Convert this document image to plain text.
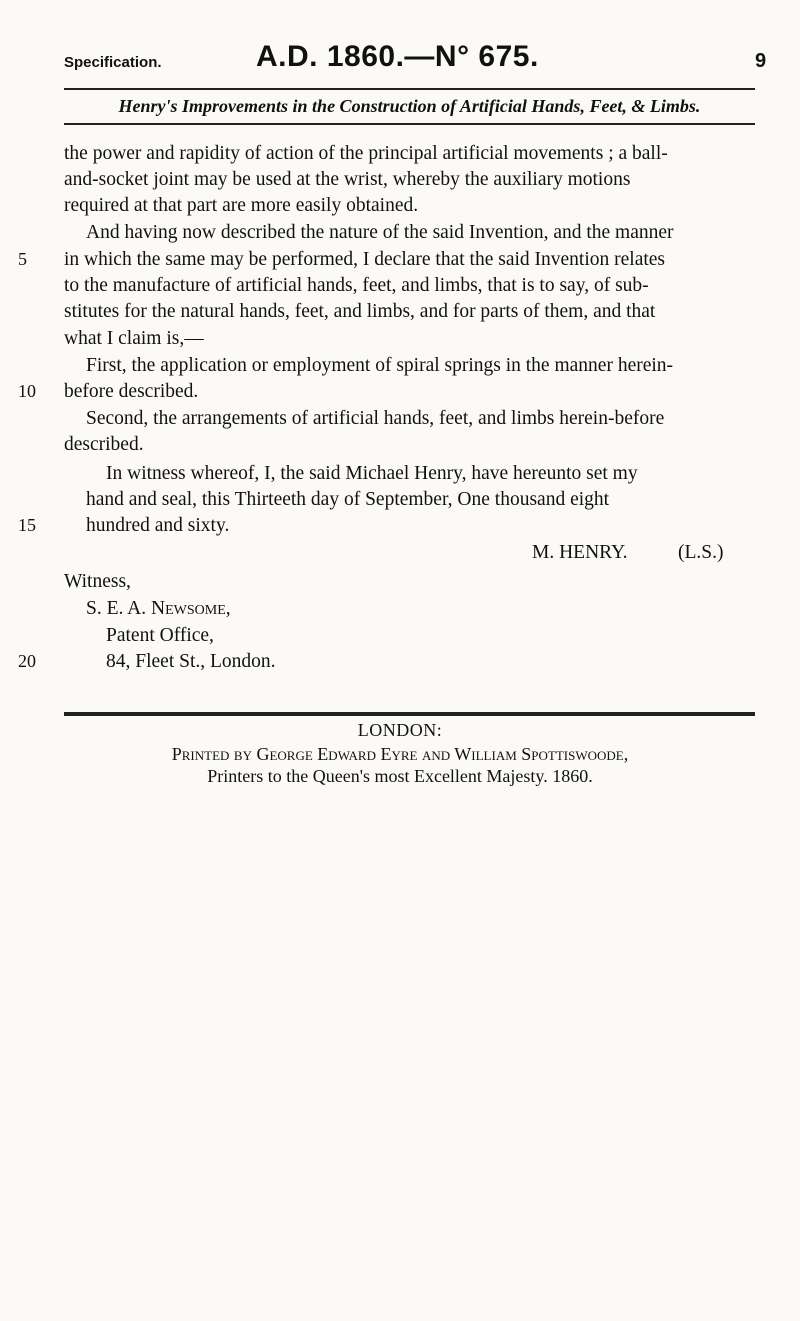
Specification.	A.D. 1860.—N° 675.	9
Henry's Improvements in the Construction of Artificial Hands, Feet, & Limbs.
the power and rapidity of action of the principal artificial movements ; a ball-
and-socket joint may be used at the wrist, whereby the auxiliary motions
required at that part are more easily obtained.
And having now described the nature of the said Invention, and the manner
5 in which the same may be performed, I declare that the said Invention relates
to the manufacture of artificial hands, feet, and limbs, that is to say, of sub-
stitutes for the natural hands, feet, and limbs, and for parts of them, and that
what I claim is,—
First, the application or employment of spiral springs in the manner herein-
10 before described.
Second, the arrangements of artificial hands, feet, and limbs herein-before
described.
In witness whereof, I, the said Michael Henry, have hereunto set my
hand and seal, this Thirteeth day of September, One thousand eight
15	hundred and sixty.
M. HENRY.	(L.S.)
Witness,
S. E. A. Newsome,
Patent Office,
20	84, Fleet St., London.
LONDON:
Printed by George Edward Eyre and William Spottiswoode,
Printers to the Queen's most Excellent Majesty. 1860.
